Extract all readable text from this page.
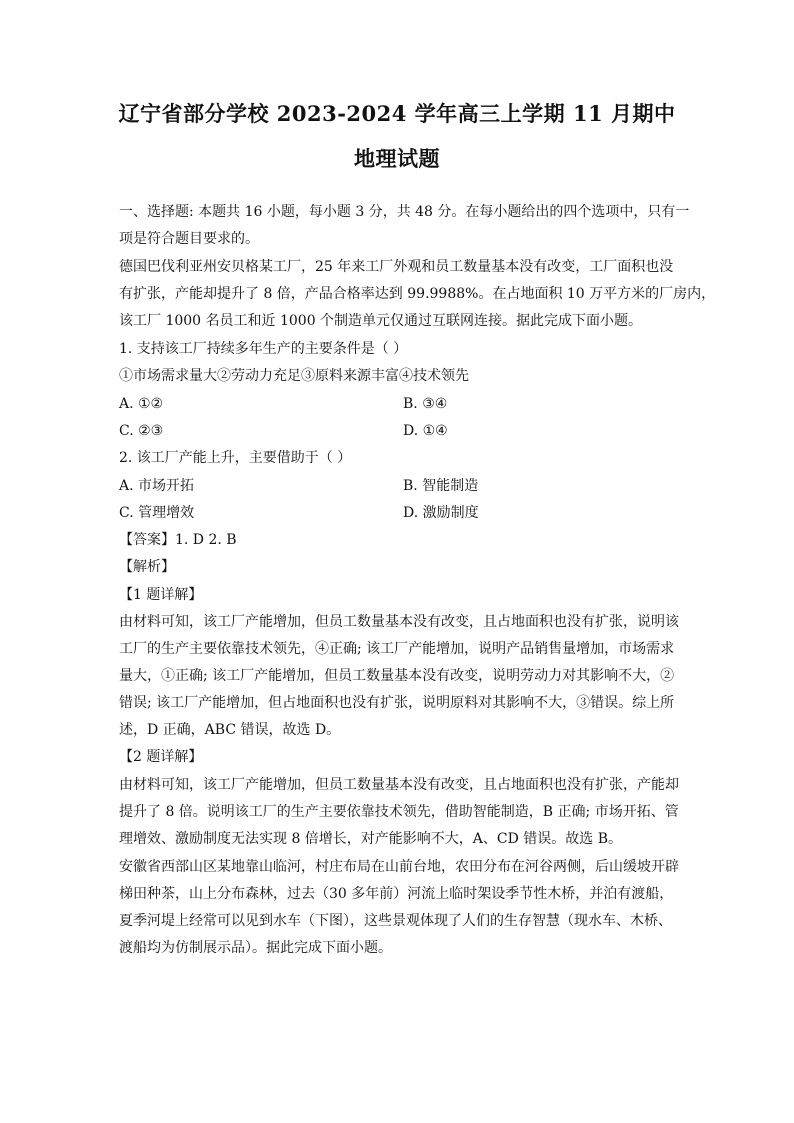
辽宁省部分学校 2023-2024 学年高三上学期 11 月期中
地理试题
一、选择题: 本题共 16 小题，每小题 3 分，共 48 分。在每小题给出的四个选项中，只有一
项是符合题目要求的。
德国巴伐利亚州安贝格某工厂，25 年来工厂外观和员工数量基本没有改变，工厂面积也没
有扩张，产能却提升了 8 倍，产品合格率达到 99.9988%。在占地面积 10 万平方米的厂房内，
该工厂 1000 名员工和近 1000 个制造单元仅通过互联网连接。据此完成下面小题。
1. 支持该工厂持续多年生产的主要条件是（ ）
①市场需求量大②劳动力充足③原料来源丰富④技术领先
A. ①②	B. ③④
C. ②③	D. ①④
2. 该工厂产能上升，主要借助于（ ）
A. 市场开拓	B. 智能制造
C. 管理增效	D. 激励制度
【答案】1. D 2. B
【解析】
【1 题详解】
由材料可知，该工厂产能增加，但员工数量基本没有改变，且占地面积也没有扩张，说明该
工厂的生产主要依靠技术领先，④正确; 该工厂产能增加，说明产品销售量增加，市场需求
量大，①正确; 该工厂产能增加，但员工数量基本没有改变，说明劳动力对其影响不大，②
错误; 该工厂产能增加，但占地面积也没有扩张，说明原料对其影响不大，③错误。综上所
述，D 正确，ABC 错误，故选 D。
【2 题详解】
由材料可知，该工厂产能增加，但员工数量基本没有改变，且占地面积也没有扩张，产能却
提升了 8 倍。说明该工厂的生产主要依靠技术领先，借助智能制造，B 正确; 市场开拓、管
理增效、激励制度无法实现 8 倍增长，对产能影响不大，A、CD 错误。故选 B。
安徽省西部山区某地靠山临河，村庄布局在山前台地，农田分布在河谷两侧，后山缓坡开辟
梯田种茶，山上分布森林，过去（30 多年前）河流上临时架设季节性木桥，并泊有渡船，
夏季河堤上经常可以见到水车（下图），这些景观体现了人们的生存智慧（现水车、木桥、
渡船均为仿制展示品）。据此完成下面小题。
